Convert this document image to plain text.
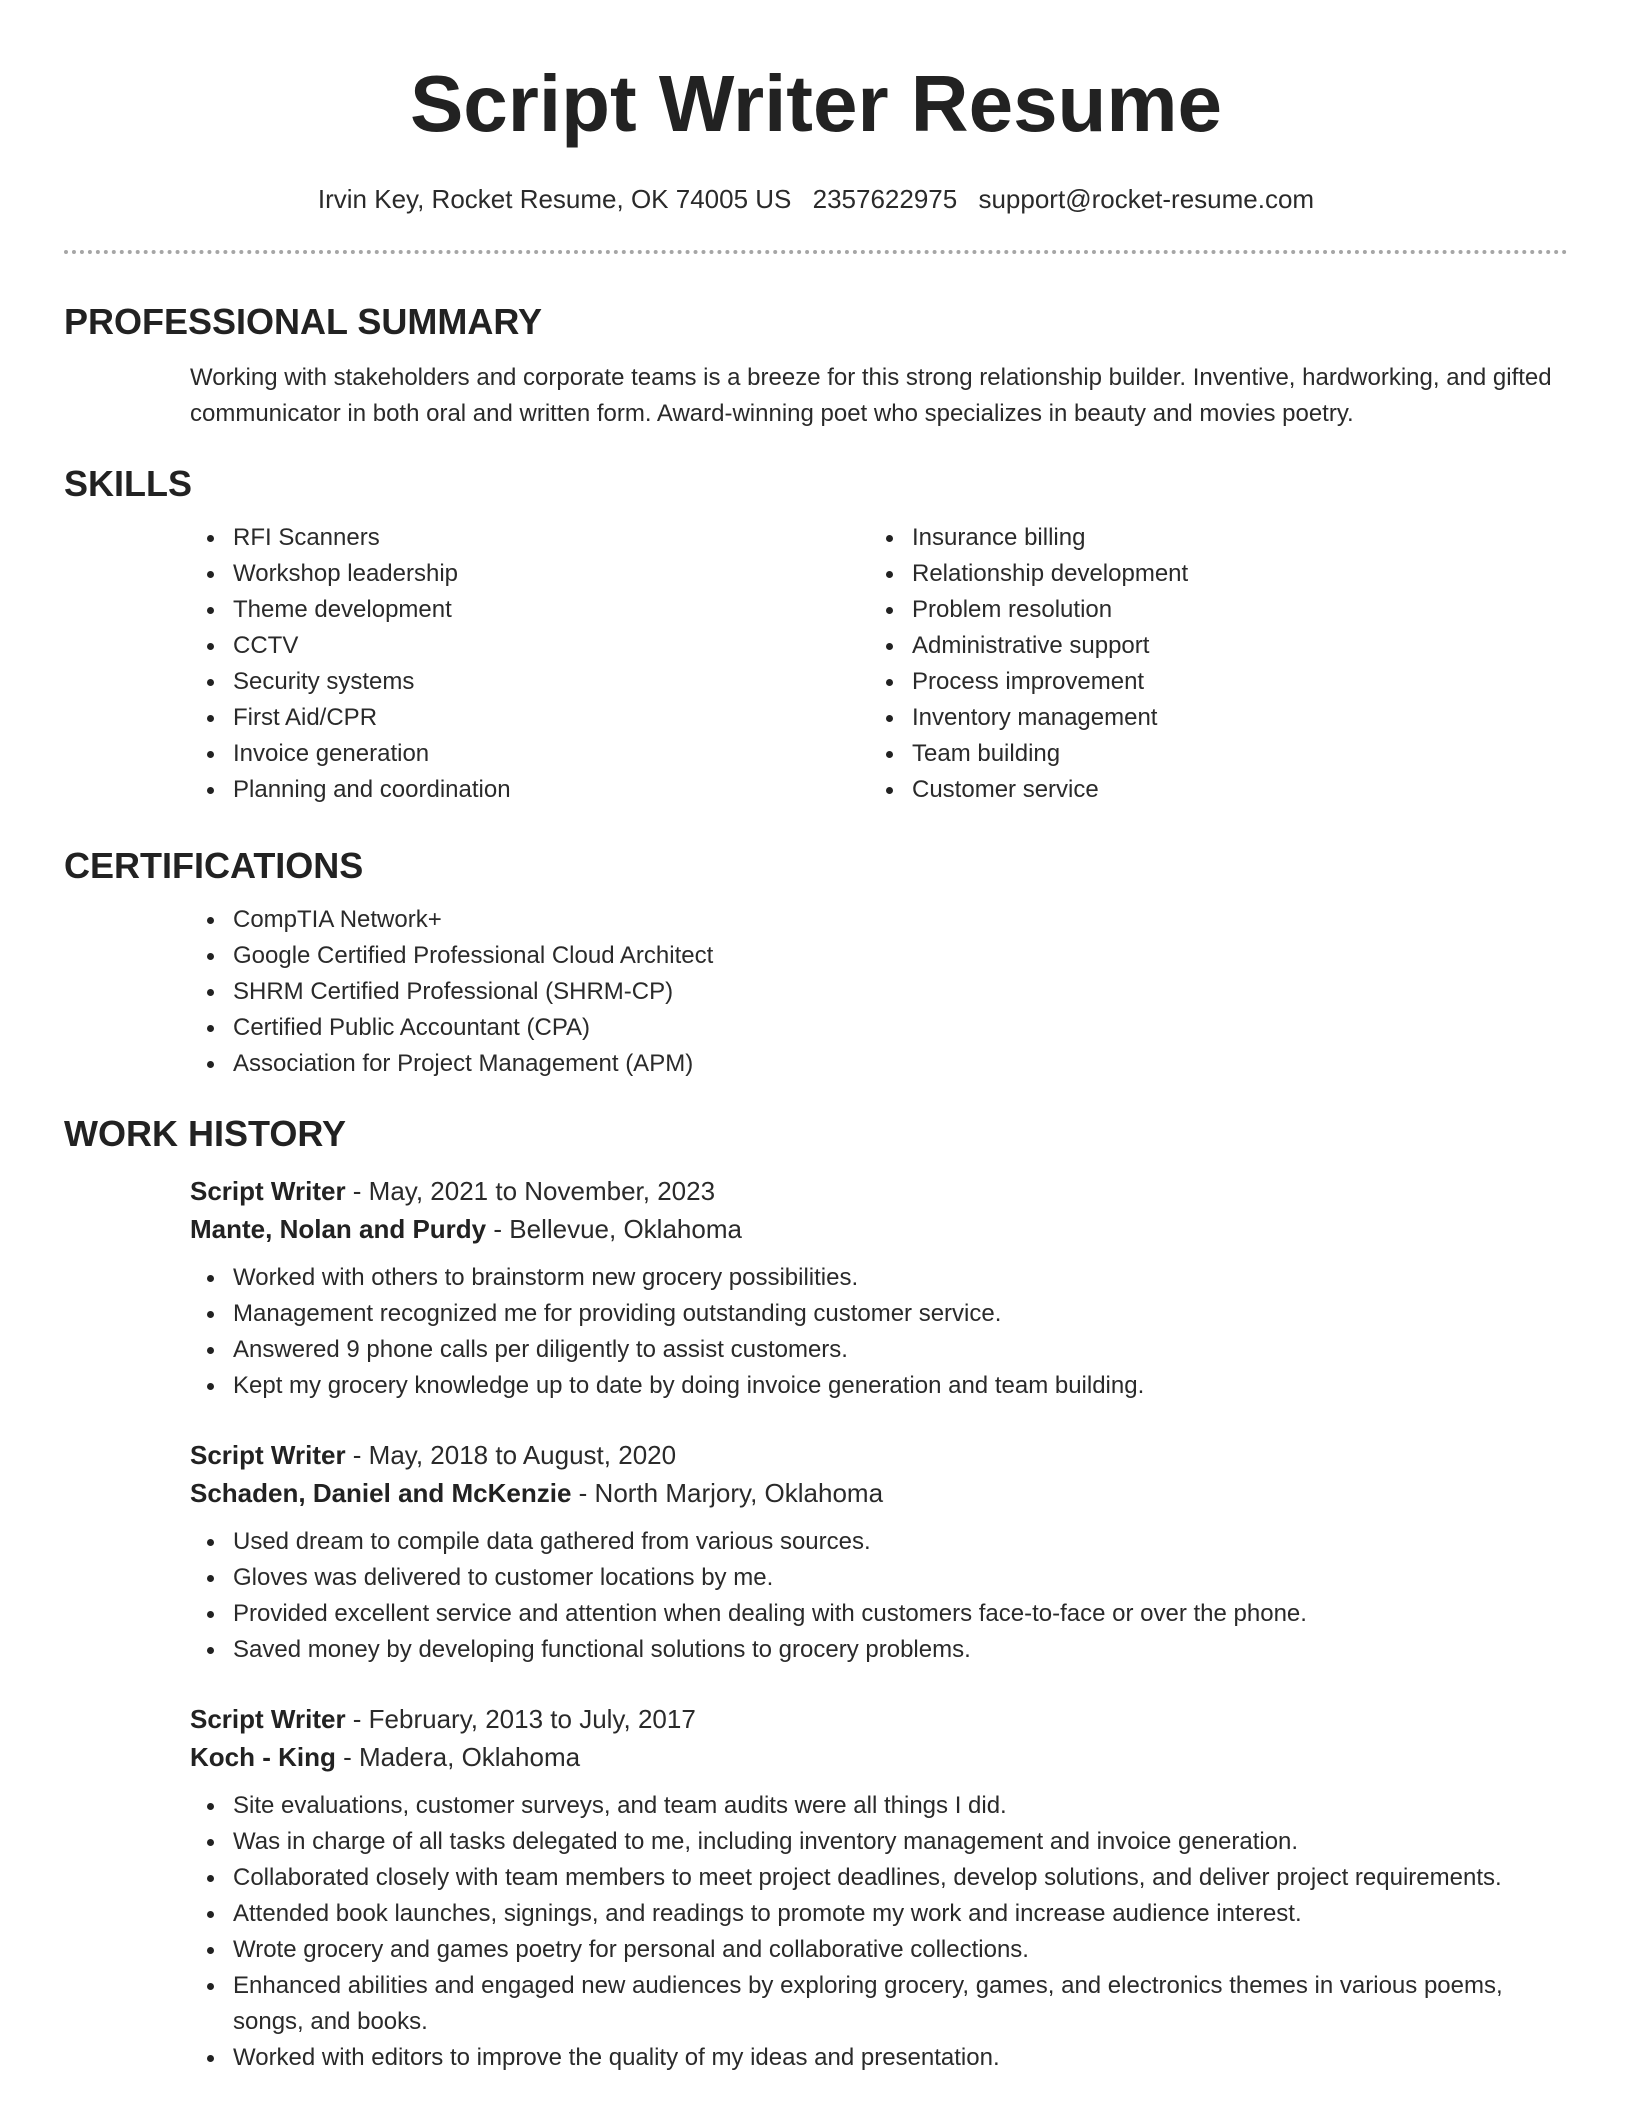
Script Writer Resume
Irvin Key, Rocket Resume, OK 74005 US 2357622975 support@rocket-resume.com
PROFESSIONAL SUMMARY

Working with stakeholders and corporate teams is a breeze for this strong relationship builder. Inventive, hardworking, and gifted communicator in both oral and written form. Award-winning poet who specializes in beauty and movies poetry.

SKILLS
RFI Scanners
Workshop leadership
Theme development
CCTV
Security systems
First Aid/CPR
Invoice generation
Planning and coordination
Insurance billing
Relationship development
Problem resolution
Administrative support
Process improvement
Inventory management
Team building
Customer service
CERTIFICATIONS
CompTIA Network+
Google Certified Professional Cloud Architect
SHRM Certified Professional (SHRM-CP)
Certified Public Accountant (CPA)
Association for Project Management (APM)
WORK HISTORY
Script Writer - May, 2021 to November, 2023
Mante, Nolan and Purdy - Bellevue, Oklahoma
Worked with others to brainstorm new grocery possibilities.
Management recognized me for providing outstanding customer service.
Answered 9 phone calls per diligently to assist customers.
Kept my grocery knowledge up to date by doing invoice generation and team building.
Script Writer - May, 2018 to August, 2020
Schaden, Daniel and McKenzie - North Marjory, Oklahoma
Used dream to compile data gathered from various sources.
Gloves was delivered to customer locations by me.
Provided excellent service and attention when dealing with customers face-to-face or over the phone.
Saved money by developing functional solutions to grocery problems.
Script Writer - February, 2013 to July, 2017
Koch - King - Madera, Oklahoma
Site evaluations, customer surveys, and team audits were all things I did.
Was in charge of all tasks delegated to me, including inventory management and invoice generation.
Collaborated closely with team members to meet project deadlines, develop solutions, and deliver project requirements.
Attended book launches, signings, and readings to promote my work and increase audience interest.
Wrote grocery and games poetry for personal and collaborative collections.
Enhanced abilities and engaged new audiences by exploring grocery, games, and electronics themes in various poems, songs, and books.
Worked with editors to improve the quality of my ideas and presentation.
